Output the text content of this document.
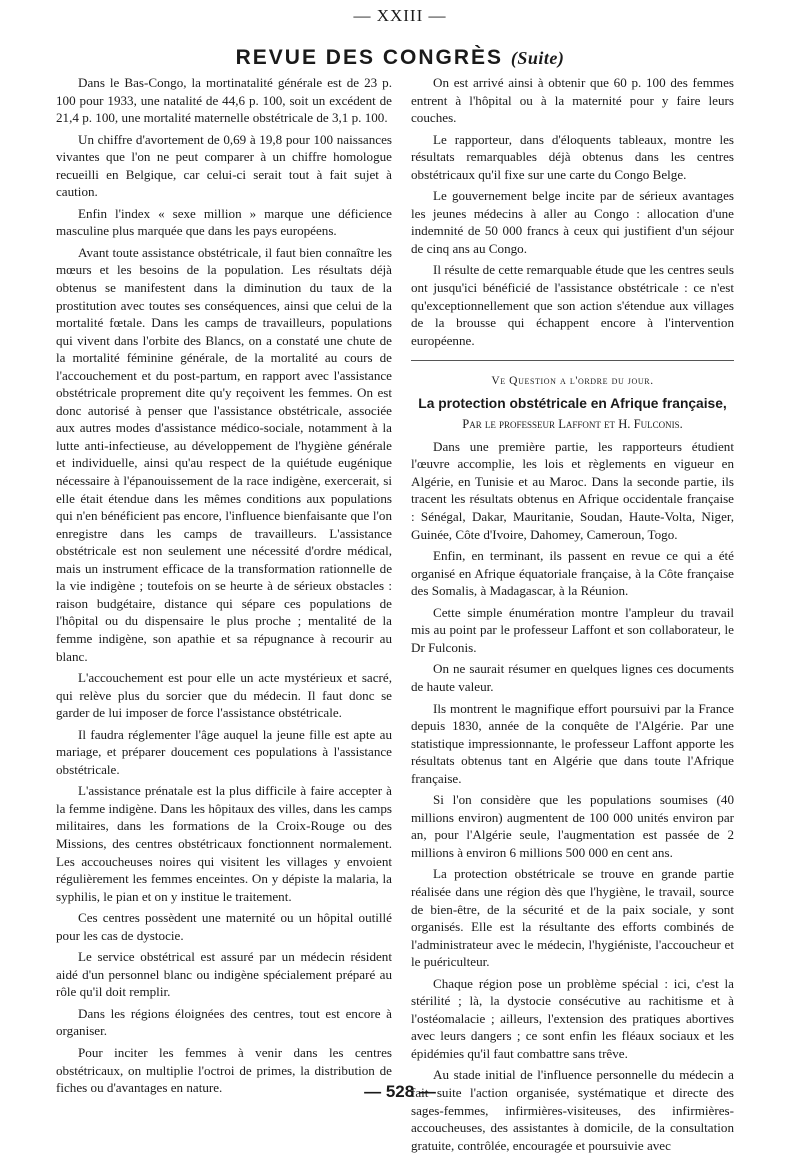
— XXIII —
REVUE DES CONGRÈS (Suite)

Dans le Bas-Congo, la mortinatalité générale est de 23 p. 100 pour 1933, une natalité de 44,6 p. 100, soit un excédent de 21,4 p. 100, une mortalité maternelle obstétricale de 3,1 p. 100.

Un chiffre d'avortement de 0,69 à 19,8 pour 100 naissances vivantes que l'on ne peut comparer à un chiffre homologue recueilli en Belgique, car celui-ci serait tout à fait sujet à caution.

Enfin l'index « sexe million » marque une déficience masculine plus marquée que dans les pays européens.

Avant toute assistance obstétricale, il faut bien connaître les mœurs et les besoins de la population. Les résultats déjà obtenus se manifestent dans la diminution du taux de la prostitution avec toutes ses conséquences, ainsi que celui de la mortalité fœtale. Dans les camps de travailleurs, populations qui vivent dans l'orbite des Blancs, on a constaté une chute de la mortalité féminine générale, de la mortalité au cours de l'accouchement et du post-partum, en rapport avec l'assistance obstétricale proprement dite qu'y reçoivent les femmes. On est donc autorisé à penser que l'assistance obstétricale, associée aux autres modes d'assistance médico-sociale, notamment à la lutte anti-infectieuse, au développement de l'hygiène générale et individuelle, ainsi qu'au respect de la quiétude eugénique nécessaire à l'épanouissement de la race indigène, exercerait, si elle était étendue dans les mêmes conditions aux populations qui n'en bénéficient pas encore, l'influence bienfaisante que l'on enregistre dans les camps de travailleurs. L'assistance obstétricale est non seulement une nécessité d'ordre médical, mais un instrument efficace de la transformation rationnelle de la vie indigène ; toutefois on se heurte à de sérieux obstacles : raison budgétaire, distance qui sépare ces populations de l'hôpital ou du dispensaire le plus proche ; mentalité de la femme indigène, son apathie et sa répugnance à recourir au blanc.

L'accouchement est pour elle un acte mystérieux et sacré, qui relève plus du sorcier que du médecin. Il faut donc se garder de lui imposer de force l'assistance obstétricale.

Il faudra réglementer l'âge auquel la jeune fille est apte au mariage, et préparer doucement ces populations à l'assistance obstétricale.

L'assistance prénatale est la plus difficile à faire accepter à la femme indigène. Dans les hôpitaux des villes, dans les camps militaires, dans les formations de la Croix-Rouge ou des Missions, des centres obstétricaux fonctionnent normalement. Les accoucheuses noires qui visitent les villages y envoient régulièrement les femmes enceintes. On y dépiste la malaria, la syphilis, le pian et on y institue le traitement.

Ces centres possèdent une maternité ou un hôpital outillé pour les cas de dystocie.

Le service obstétrical est assuré par un médecin résident aidé d'un personnel blanc ou indigène spécialement préparé au rôle qu'il doit remplir.

Dans les régions éloignées des centres, tout est encore à organiser.

Pour inciter les femmes à venir dans les centres obstétricaux, on multiplie l'octroi de primes, la distribution de fiches ou d'avantages en nature.

On est arrivé ainsi à obtenir que 60 p. 100 des femmes entrent à l'hôpital ou à la maternité pour y faire leurs couches.

Le rapporteur, dans d'éloquents tableaux, montre les résultats remarquables déjà obtenus dans les centres obstétricaux qu'il fixe sur une carte du Congo Belge.

Le gouvernement belge incite par de sérieux avantages les jeunes médecins à aller au Congo : allocation d'une indemnité de 50 000 francs à ceux qui justifient d'un séjour de cinq ans au Congo.

Il résulte de cette remarquable étude que les centres seuls ont jusqu'ici bénéficié de l'assistance obstétricale : ce n'est qu'exceptionnellement que son action s'étendue aux villages de la brousse qui échappent encore à l'intervention européenne.

Ve Question a l'ordre du jour.

La protection obstétricale en Afrique française,

Par le professeur Laffont et H. Fulconis.

Dans une première partie, les rapporteurs étudient l'œuvre accomplie, les lois et règlements en vigueur en Algérie, en Tunisie et au Maroc. Dans la seconde partie, ils tracent les résultats obtenus en Afrique occidentale française : Sénégal, Dakar, Mauritanie, Soudan, Haute-Volta, Niger, Guinée, Côte d'Ivoire, Dahomey, Cameroun, Togo.

Enfin, en terminant, ils passent en revue ce qui a été organisé en Afrique équatoriale française, à la Côte française des Somalis, à Madagascar, à la Réunion.

Cette simple énumération montre l'ampleur du travail mis au point par le professeur Laffont et son collaborateur, le Dr Fulconis.

On ne saurait résumer en quelques lignes ces documents de haute valeur.

Ils montrent le magnifique effort poursuivi par la France depuis 1830, année de la conquête de l'Algérie. Par une statistique impressionnante, le professeur Laffont apporte les résultats obtenus tant en Algérie que dans toute l'Afrique française.

Si l'on considère que les populations soumises (40 millions environ) augmentent de 100 000 unités environ par an, pour l'Algérie seule, l'augmentation est passée de 2 millions à environ 6 millions 500 000 en cent ans.

La protection obstétricale se trouve en grande partie réalisée dans une région dès que l'hygiène, le travail, source de bien-être, de la sécurité et de la paix sociale, y sont organisés. Elle est la résultante des efforts combinés de l'administrateur avec le médecin, l'hygiéniste, l'accoucheur et le puériculteur.

Chaque région pose un problème spécial : ici, c'est la stérilité ; là, la dystocie consécutive au rachitisme et à l'ostéomalacie ; ailleurs, l'extension des pratiques abortives avec leurs dangers ; ce sont enfin les fléaux sociaux et les épidémies qu'il faut combattre sans trêve.

Au stade initial de l'influence personnelle du médecin a fait suite l'action organisée, systématique et directe des sages-femmes, infirmières-visiteuses, des infirmières-accoucheuses, des assistantes à domicile, de la consultation gratuite, contrôlée, encouragée et poursuivie avec

— 528 —
